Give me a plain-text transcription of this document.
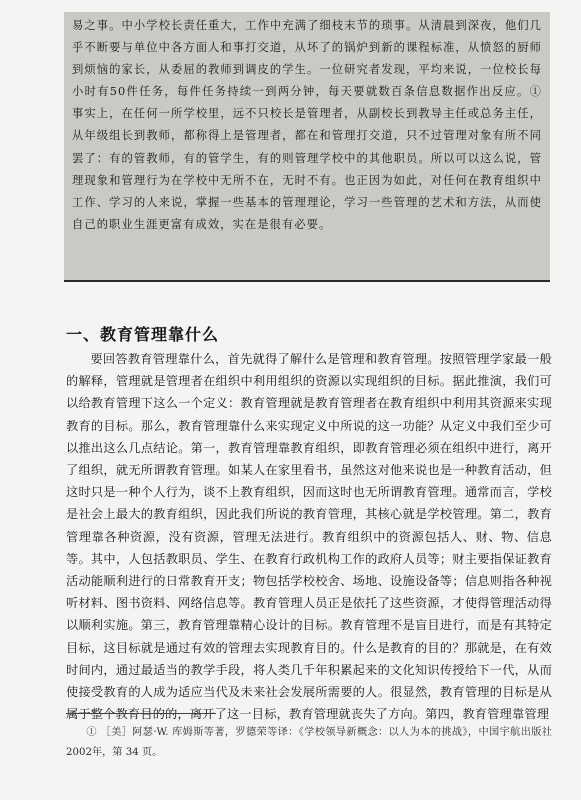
易之事。中小学校长责任重大，工作中充满了细枝末节的琐事。从清晨到深夜，他们几乎不断要与单位中各方面人和事打交道，从坏了的锅炉到新的课程标准，从愤怒的厨师到烦恼的家长，从委屈的教师到调皮的学生。一位研究者发现，平均来说，一位校长每小时有50件任务，每件任务持续一到两分钟，每天要就数百条信息数据作出反应。① 事实上，在任何一所学校里，远不只校长是管理者，从副校长到教导主任或总务主任，从年级组长到教师，都称得上是管理者，都在和管理打交道，只不过管理对象有所不同罢了：有的管教师，有的管学生，有的则管理学校中的其他职员。所以可以这么说，管理现象和管理行为在学校中无所不在，无时不有。也正因为如此，对任何在教育组织中工作、学习的人来说，掌握一些基本的管理理论，学习一些管理的艺术和方法，从而使自己的职业生涯更富有成效，实在是很有必要。
一、教育管理靠什么

要回答教育管理靠什么，首先就得了解什么是管理和教育管理。按照管理学家最一般的解释，管理就是管理者在组织中利用组织的资源以实现组织的目标。据此推演，我们可以给教育管理下这么一个定义：教育管理就是教育管理者在教育组织中利用其资源来实现教育的目标。那么，教育管理靠什么来实现定义中所说的这一功能？从定义中我们至少可以推出这么几点结论。第一，教育管理靠教育组织，即教育管理必须在组织中进行，离开了组织，就无所谓教育管理。如某人在家里看书，虽然这对他来说也是一种教育活动，但这时只是一种个人行为，谈不上教育组织，因而这时也无所谓教育管理。通常而言，学校是社会上最大的教育组织，因此我们所说的教育管理，其核心就是学校管理。第二，教育管理靠各种资源，没有资源，管理无法进行。教育组织中的资源包括人、财、物、信息等。其中，人包括教职员、学生、在教育行政机构工作的政府人员等；财主要指保证教育活动能顺利进行的日常教育开支；物包括学校校舍、场地、设施设备等；信息则指各种视听材料、图书资料、网络信息等。教育管理人员正是依托了这些资源，才使得管理活动得以顺利实施。第三，教育管理靠精心设计的目标。教育管理不是盲目进行，而是有其特定目标，这目标就是通过有效的管理去实现教育目的。什么是教育的目的？那就是，在有效时间内，通过最适当的教学手段，将人类几千年积累起来的文化知识传授给下一代，从而使接受教育的人成为适应当代及未来社会发展所需要的人。很显然，教育管理的目标是从属于整个教育目的的，离开了这一目标，教育管理就丧失了方向。第四，教育管理靠管理

① ［美］阿瑟·W. 库姆斯等著，罗德荣等译：《学校领导新概念：以人为本的挑战》，中国宇航出版社 2002年，第 34 页。
